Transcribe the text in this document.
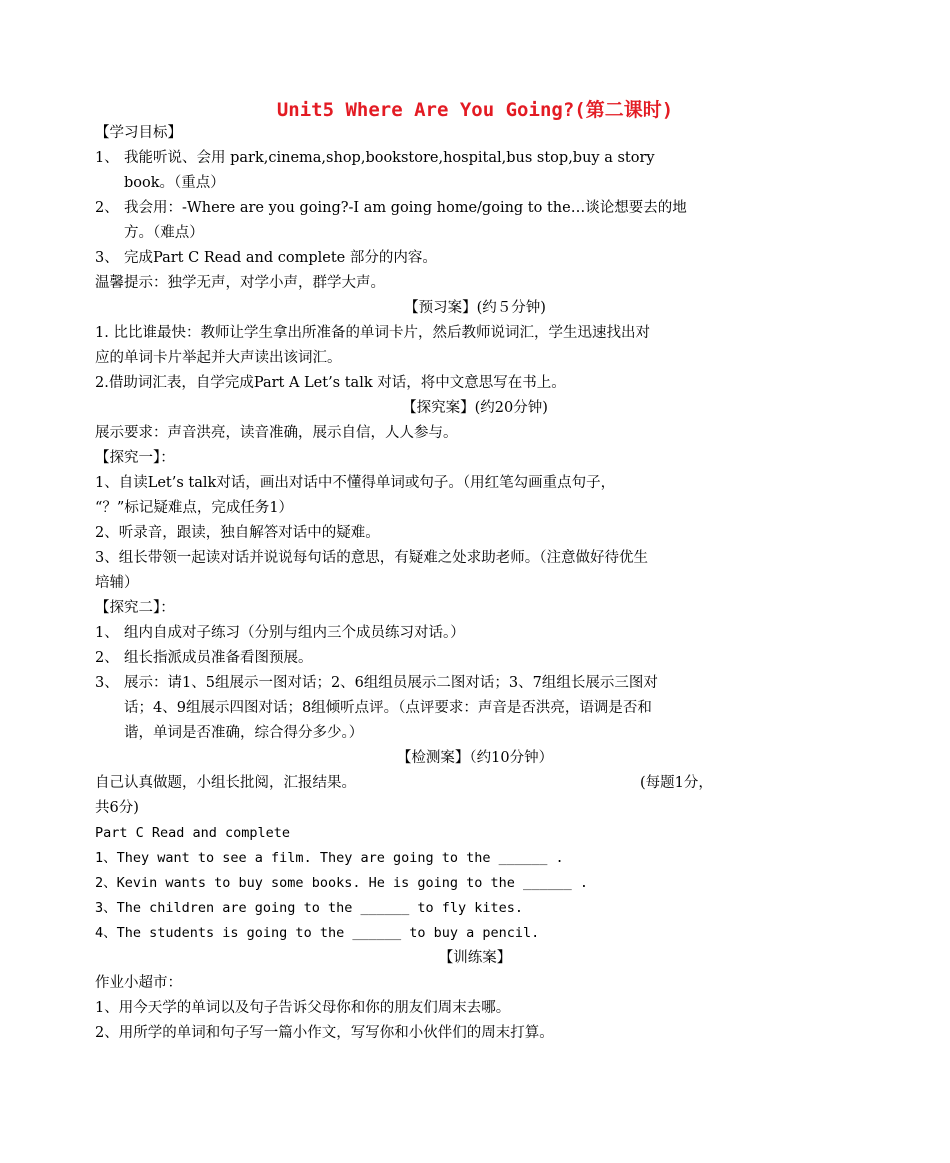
Unit5 Where Are You Going?(第二课时)
【学习目标】
1、 我能听说、会用 park,cinema,shop,bookstore,hospital,bus stop,buy a story
book。（重点）
2、 我会用：-Where are you going?-I am going home/going to the…谈论想要去的地
方。（难点）
3、 完成Part C Read and complete 部分的内容。
温馨提示：独学无声，对学小声，群学大声。
【预习案】(约５分钟)
1. 比比谁最快：教师让学生拿出所准备的单词卡片，然后教师说词汇，学生迅速找出对
应的单词卡片举起并大声读出该词汇。
2.借助词汇表，自学完成Part A Let’s talk 对话，将中文意思写在书上。
【探究案】(约20分钟)
展示要求：声音洪亮，读音准确，展示自信，人人参与。
【探究一】：
1、自读Let’s talk对话，画出对话中不懂得单词或句子。（用红笔勾画重点句子，
“？”标记疑难点，完成任务1）
2、听录音，跟读，独自解答对话中的疑难。
3、组长带领一起读对话并说说每句话的意思，有疑难之处求助老师。（注意做好待优生
培辅）
【探究二】：
1、 组内自成对子练习（分别与组内三个成员练习对话。）
2、 组长指派成员准备看图预展。
3、 展示：请1、5组展示一图对话；2、6组组员展示二图对话；3、7组组长展示三图对
话；4、9组展示四图对话；8组倾听点评。（点评要求：声音是否洪亮，语调是否和
谐，单词是否准确，综合得分多少。）
【检测案】（约10分钟）
自己认真做题，小组长批阅，汇报结果。	(每题1分，
共6分)
Part C Read and complete
1、They want to see a film. They are going to the ______ .
2、Kevin wants to buy some books. He is going to the ______ .
3、The children are going to the ______ to fly kites.
4、The students is going to the ______ to buy a pencil.
【训练案】
作业小超市：
1、用今天学的单词以及句子告诉父母你和你的朋友们周末去哪。
2、用所学的单词和句子写一篇小作文，写写你和小伙伴们的周末打算。
